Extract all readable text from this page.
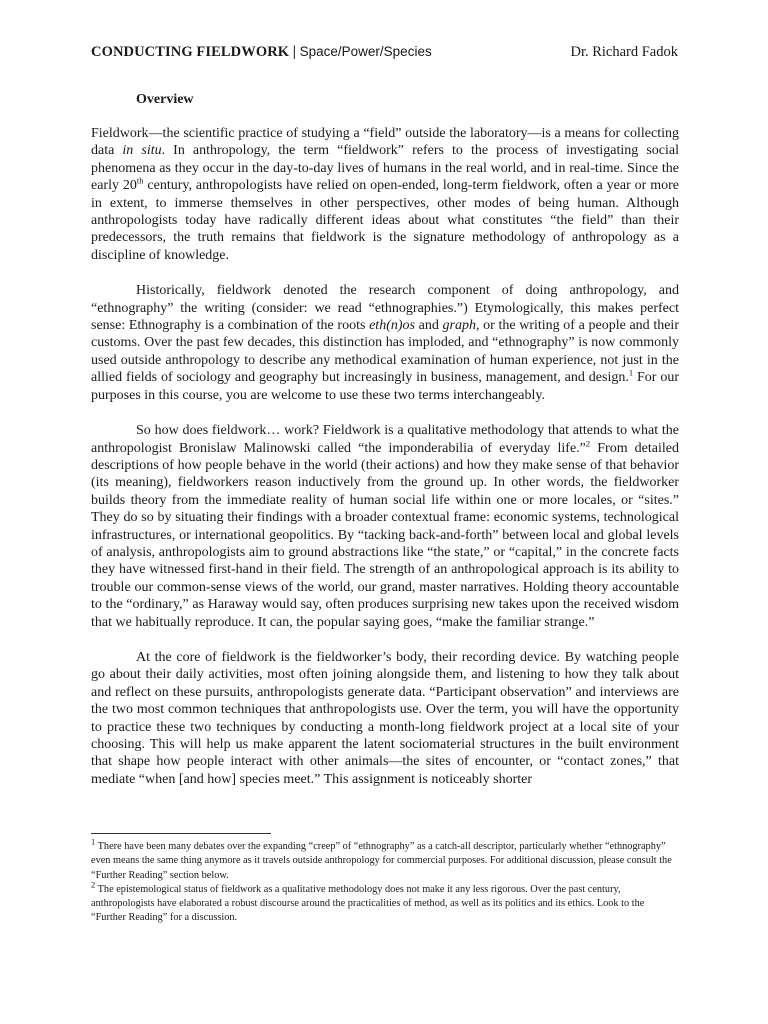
CONDUCTING FIELDWORK | Space/Power/Species	Dr. Richard Fadok
Overview

Fieldwork—the scientific practice of studying a “field” outside the laboratory—is a means for collecting data in situ. In anthropology, the term “fieldwork” refers to the process of investigating social phenomena as they occur in the day-to-day lives of humans in the real world, and in real-time. Since the early 20th century, anthropologists have relied on open-ended, long-term fieldwork, often a year or more in extent, to immerse themselves in other perspectives, other modes of being human. Although anthropologists today have radically different ideas about what constitutes “the field” than their predecessors, the truth remains that fieldwork is the signature methodology of anthropology as a discipline of knowledge.

Historically, fieldwork denoted the research component of doing anthropology, and “ethnography” the writing (consider: we read “ethnographies.”) Etymologically, this makes perfect sense: Ethnography is a combination of the roots eth(n)os and graph, or the writing of a people and their customs. Over the past few decades, this distinction has imploded, and “ethnography” is now commonly used outside anthropology to describe any methodical examination of human experience, not just in the allied fields of sociology and geography but increasingly in business, management, and design.$^1$ For our purposes in this course, you are welcome to use these two terms interchangeably.

So how does fieldwork… work? Fieldwork is a qualitative methodology that attends to what the anthropologist Bronislaw Malinowski called “the imponderabilia of everyday life.”$^2$ From detailed descriptions of how people behave in the world (their actions) and how they make sense of that behavior (its meaning), fieldworkers reason inductively from the ground up. In other words, the fieldworker builds theory from the immediate reality of human social life within one or more locales, or “sites.” They do so by situating their findings with a broader contextual frame: economic systems, technological infrastructures, or international geopolitics. By “tacking back-and-forth” between local and global levels of analysis, anthropologists aim to ground abstractions like “the state,” or “capital,” in the concrete facts they have witnessed first-hand in their field. The strength of an anthropological approach is its ability to trouble our common-sense views of the world, our grand, master narratives. Holding theory accountable to the “ordinary,” as Haraway would say, often produces surprising new takes upon the received wisdom that we habitually reproduce. It can, the popular saying goes, “make the familiar strange.”

At the core of fieldwork is the fieldworker’s body, their recording device. By watching people go about their daily activities, most often joining alongside them, and listening to how they talk about and reflect on these pursuits, anthropologists generate data. “Participant observation” and interviews are the two most common techniques that anthropologists use. Over the term, you will have the opportunity to practice these two techniques by conducting a month-long fieldwork project at a local site of your choosing. This will help us make apparent the latent sociomaterial structures in the built environment that shape how people interact with other animals—the sites of encounter, or “contact zones,” that mediate “when [and how] species meet.” This assignment is noticeably shorter

$^1$ There have been many debates over the expanding “creep” of “ethnography” as a catch-all descriptor, particularly whether “ethnography” even means the same thing anymore as it travels outside anthropology for commercial purposes. For additional discussion, please consult the “Further Reading” section below.

$^2$ The epistemological status of fieldwork as a qualitative methodology does not make it any less rigorous. Over the past century, anthropologists have elaborated a robust discourse around the practicalities of method, as well as its politics and its ethics. Look to the “Further Reading” for a discussion.
